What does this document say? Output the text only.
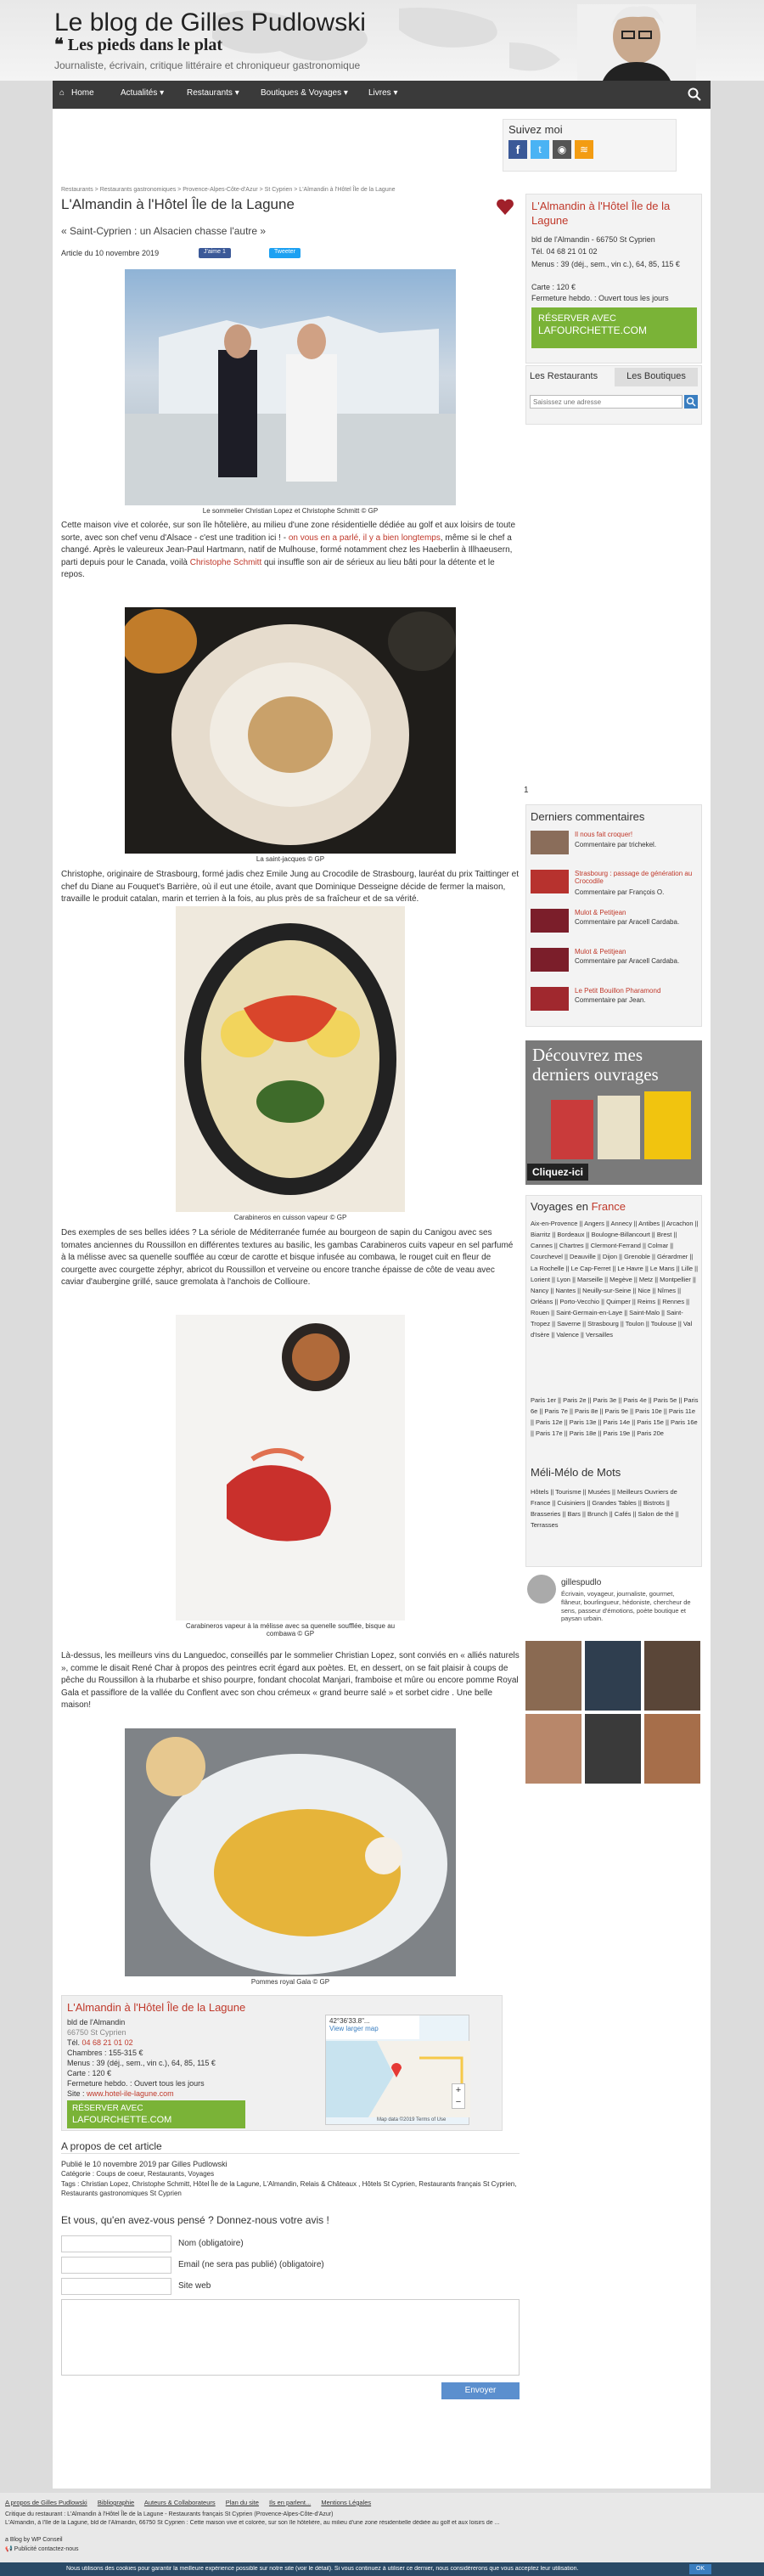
Le blog de Gilles Pudlowski
❝ Les pieds dans le plat
Journaliste, écrivain, critique littéraire et chroniqueur gastronomique
⌂ Home	Actualités ▾	Restaurants ▾	Boutiques & Voyages ▾ Livres ▾
Suivez moi
f	t	◉	≋
Restaurants > Restaurants gastronomiques > Provence-Alpes-Côte-d'Azur > St Cyprien > L'Almandin à l'Hôtel Île de la Lagune
L'Almandin à l'Hôtel Île de la Lagune
« Saint-Cyprien : un Alsacien chasse l'autre »
Article du 10 novembre 2019	J'aime 1	Tweeter
L'Almandin à l'Hôtel Île de la Lagune
bld de l'Almandin - 66750 St Cyprien
Tél. 04 68 21 01 02
Menus : 39 (déj., sem., vin c.), 64, 85, 115 €
Carte : 120 €
Fermeture hebdo. : Ouvert tous les jours
RÉSERVER AVEC
LAFOURCHETTE.COM
Les Restaurants	Les Boutiques
Saisissez une adresse
1
Derniers commentaires
Il nous fait croquer!
Commentaire par trichekel.
Strasbourg : passage de génération au Crocodile
Commentaire par François O.
Mulot & Petitjean
Commentaire par Aracell Cardaba.
Mulot & Petitjean
Commentaire par Aracell Cardaba.
Le Petit Bouillon Pharamond
Commentaire par Jean.
Découvrez mes derniers ouvrages
Cliquez-ici
Voyages en France
Aix-en-Provence || Angers || Annecy || Antibes || Arcachon || Biarritz || Bordeaux || Boulogne-Billancourt || Brest || Cannes || Chartres || Clermont-Ferrand || Colmar || Courchevel || Deauville || Dijon || Grenoble || Gérardmer || La Rochelle || Le Cap-Ferret || Le Havre || Le Mans || Lille || Lorient || Lyon || Marseille || Megève || Metz || Montpellier || Nancy || Nantes || Neuilly-sur-Seine || Nice || Nîmes || Orléans || Porto-Vecchio || Quimper || Reims || Rennes || Rouen || Saint-Germain-en-Laye || Saint-Malo || Saint-Tropez || Saverne || Strasbourg || Toulon || Toulouse || Val d'Isère || Valence || Versailles
Paris 1er || Paris 2e || Paris 3e || Paris 4e || Paris 5e || Paris 6e || Paris 7e || Paris 8e || Paris 9e || Paris 10e || Paris 11e || Paris 12e || Paris 13e || Paris 14e || Paris 15e || Paris 16e || Paris 17e || Paris 18e || Paris 19e || Paris 20e
Méli-Mélo de Mots
Hôtels || Tourisme || Musées || Meilleurs Ouvriers de France || Cuisiniers || Grandes Tables || Bistrots || Brasseries || Bars || Brunch || Cafés || Salon de thé || Terrasses
gillespudlo
Écrivain, voyageur, journaliste, gourmet, flâneur, bourlingueur, hédoniste, chercheur de sens, passeur d'émotions, poète boutique et paysan urbain.
Le sommelier Christian Lopez et Christophe Schmitt © GP
Cette maison vive et colorée, sur son île hôtelière, au milieu d'une zone résidentielle dédiée au golf et aux loisirs de toute sorte, avec son chef venu d'Alsace - c'est une tradition ici ! - on vous en a parlé, il y a bien longtemps, même si le chef a changé. Après le valeureux Jean-Paul Hartmann, natif de Mulhouse, formé notamment chez les Haeberlin à Illhaeusern, parti depuis pour le Canada, voilà Christophe Schmitt qui insuffle son air de sérieux au lieu bâti pour la détente et le repos.
La saint-jacques © GP
Christophe, originaire de Strasbourg, formé jadis chez Emile Jung au Crocodile de Strasbourg, lauréat du prix Taittinger et chef du Diane au Fouquet's Barrière, où il eut une étoile, avant que Dominique Desseigne décide de fermer la maison, travaille le produit catalan, marin et terrien à la fois, au plus près de sa fraîcheur et de sa vérité.
Carabineros en cuisson vapeur © GP
Des exemples de ses belles idées ? La sériole de Méditerranée fumée au bourgeon de sapin du Canigou avec ses tomates anciennes du Roussillon en différentes textures au basilic, les gambas Carabineros cuits vapeur en sel parfumé à la mélisse avec sa quenelle soufflée au cœur de carotte et bisque infusée au combawa, le rouget cuit en fleur de courgette avec courgette zéphyr, abricot du Roussillon et verveine ou encore tranche épaisse de côte de veau avec caviar d'aubergine grillé, sauce gremolata à l'anchois de Collioure.
Carabineros vapeur à la mélisse avec sa quenelle soufflée, bisque au combawa © GP
Là-dessus, les meilleurs vins du Languedoc, conseillés par le sommelier Christian Lopez, sont conviés en « alliés naturels », comme le disait René Char à propos des peintres ecrit égard aux poètes. Et, en dessert, on se fait plaisir à coups de pêche du Roussillon à la rhubarbe et shiso pourpre, fondant chocolat Manjari, framboise et mûre ou encore pomme Royal Gala et passiflore de la vallée du Conflent avec son chou crémeux « grand beurre salé » et sorbet cidre . Une belle maison!
Pommes royal Gala © GP
L'Almandin à l'Hôtel Île de la Lagune
bld de l'Almandin
66750 St Cyprien
Tél. 04 68 21 01 02
Chambres : 155-315 €
Menus : 39 (déj., sem., vin c.), 64, 85, 115 €
Carte : 120 €
Fermeture hebdo. : Ouvert tous les jours
Site : www.hotel-ile-lagune.com
RÉSERVER AVEC
LAFOURCHETTE.COM
42°36'33.8"...
View larger map
+
−
Map data ©2019 Terms of Use
A propos de cet article
Publié le 10 novembre 2019 par Gilles Pudlowski
Catégorie : Coups de coeur, Restaurants, Voyages
Tags : Christian Lopez, Christophe Schmitt, Hôtel Île de la Lagune, L'Almandin, Relais & Châteaux , Hôtels St Cyprien, Restaurants français St Cyprien, Restaurants gastronomiques St Cyprien
Et vous, qu'en avez-vous pensé ? Donnez-nous votre avis !
Nom (obligatoire)
Email (ne sera pas publié) (obligatoire)
Site web
Envoyer
A propos de Gilles Pudlowski Bibliographie Auteurs & Collaborateurs Plan du site Ils en parlent... Mentions Légales
Critique du restaurant : L'Almandin à l'Hôtel Île de la Lagune - Restaurants français St Cyprien (Provence-Alpes-Côte-d'Azur)
L'Almandin, à l'Île de la Lagune, bld de l'Almandin, 66750 St Cyprien : Cette maison vive et colorée, sur son île hôtelière, au milieu d'une zone résidentielle dédiée au golf et aux loisirs de ...
a Blog by WP Conseil
📢 Publicité contactez-nous
Nous utilisons des cookies pour garantir la meilleure expérience possible sur notre site (voir le détail). Si vous continuez à utiliser ce dernier, nous considérerons que vous acceptez leur utilisation.	OK
